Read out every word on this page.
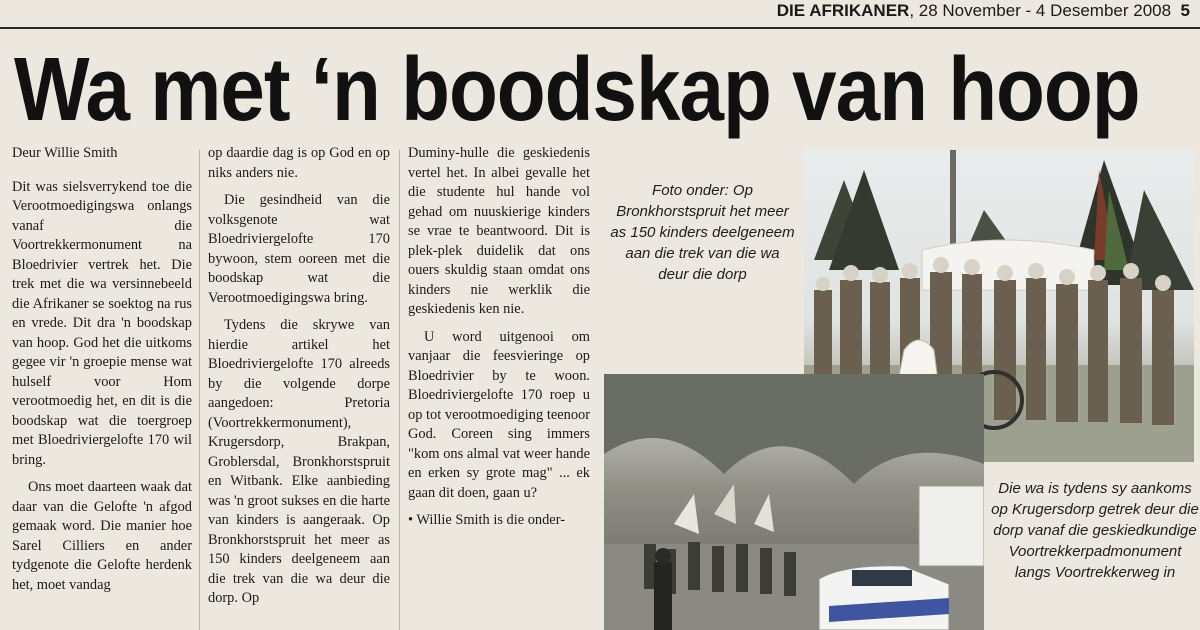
DIE AFRIKANER, 28 November - 4 Desember 2008 5
Wa met ‘n boodskap van hoop

Deur Willie Smith

Dit was sielsverrykend toe die Verootmoedigingswa onlangs vanaf die Voortrekkermonument na Bloedrivier vertrek het. Die trek met die wa versinnebeeld die Afrikaner se soektog na rus en vrede. Dit dra 'n boodskap van hoop. God het die uitkoms gegee vir 'n groepie mense wat hulself voor Hom verootmoedig het, en dit is die boodskap wat die toergroep met Bloedriviergelofte 170 wil bring.

Ons moet daarteen waak dat daar van die Gelofte 'n afgod gemaak word. Die manier hoe Sarel Cilliers en ander tydgenote die Gelofte herdenk het, moet vandag

op daardie dag is op God en op niks anders nie.

Die gesindheid van die volksgenote wat Bloedriviergelofte 170 bywoon, stem ooreen met die boodskap wat die Verootmoedigingswa bring.

Tydens die skrywe van hierdie artikel het Bloedriviergelofte 170 alreeds by die volgende dorpe aangedoen: Pretoria (Voortrekkermonument), Krugersdorp, Brakpan, Groblersdal, Bronkhorstspruit en Witbank. Elke aanbieding was 'n groot sukses en die harte van kinders is aangeraak. Op Bronkhorstspruit het meer as 150 kinders deelgeneem aan die trek van die wa deur die dorp. Op

Duminy-hulle die geskiedenis vertel het. In albei gevalle het die studente hul hande vol gehad om nuuskierige kinders se vrae te beantwoord. Dit is plek-plek duidelik dat ons ouers skuldig staan omdat ons kinders nie werklik die geskiedenis ken nie.

U word uitgenooi om vanjaar die feesvieringe op Bloedrivier by te woon. Bloedriviergelofte 170 roep u op tot verootmoediging teenoor God. Coreen sing immers "kom ons almal vat weer hande en erken sy grote mag" ... ek gaan dit doen, gaan u?

• Willie Smith is die onder-

Foto onder: Op Bronkhorstspruit het meer as 150 kinders deelgeneem aan die trek van die wa deur die dorp
Die wa is tydens sy aankoms op Krugersdorp getrek deur die dorp vanaf die geskiedkundige Voortrekkerpadmonument langs Voortrekkerweg in
